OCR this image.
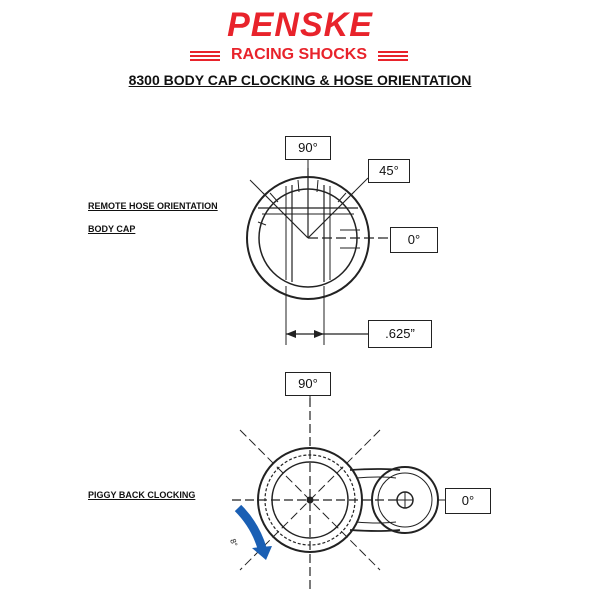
PENSKE
RACING SHOCKS
8300 BODY CAP CLOCKING & HOSE ORIENTATION
REMOTE HOSE ORIENTATION
BODY CAP
PIGGY BACK CLOCKING
8°
90°
45°
0°
.625”
90°
0°
